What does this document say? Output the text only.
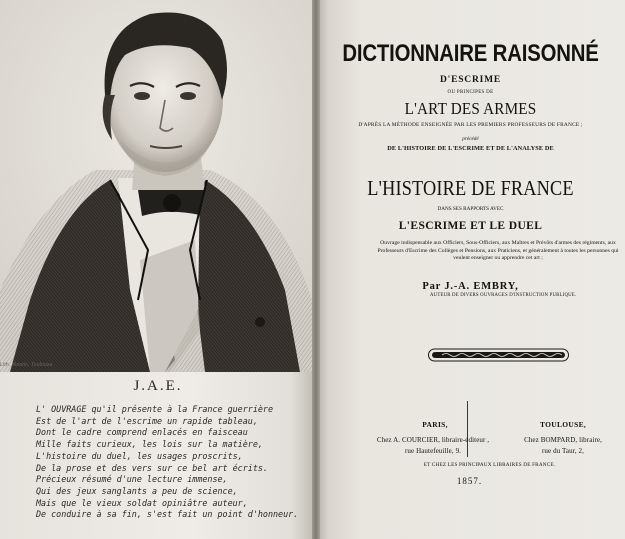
Lith. Moulin. Toulouse
J.A.E.
L' OUVRAGE qu'il présente à la France guerrière
Est de l'art de l'escrime un rapide tableau,
Dont le cadre comprend enlacés en faisceau
Mille faits curieux, les lois sur la matière,
L'histoire du duel, les usages proscrits,
De la prose et des vers sur ce bel art écrits.
Précieux résumé d'une lecture immense,
Qui des jeux sanglants a peu de science,
Mais que le vieux soldat opiniâtre auteur,
De conduire à sa fin, s'est fait un point d'honneur.
DICTIONNAIRE RAISONNÉ
D'ESCRIME
OU PRINCIPES DE
L'ART DES ARMES
D'APRÈS LA MÉTHODE ENSEIGNÉE PAR LES PREMIERS PROFESSEURS DE FRANCE ;
précédé
DE L'HISTOIRE DE L'ESCRIME ET DE L'ANALYSE DE
L'HISTOIRE DE FRANCE
DANS SES RAPPORTS AVEC
L'ESCRIME ET LE DUEL
Ouvrage indispensable aux Officiers, Sous-Officiers, aux Maîtres et Prévôts d'armes des régiments, aux Professeurs d'Escrime des Collèges et Pensions, aux Praticiens, et généralement à toutes les personnes qui veulent enseigner ou apprendre cet art ;
Par J.-A. EMBRY,
AUTEUR DE DIVERS OUVRAGES D'INSTRUCTION PUBLIQUE.
PARIS,
Chez A. COURCIER, libraire-éditeur ,
rue Hautefeuille, 9.
TOULOUSE,
Chez BOMPARD, libraire,
rue du Taur, 2,
ET CHEZ LES PRINCIPAUX LIBRAIRES DE FRANCE.
1857.
